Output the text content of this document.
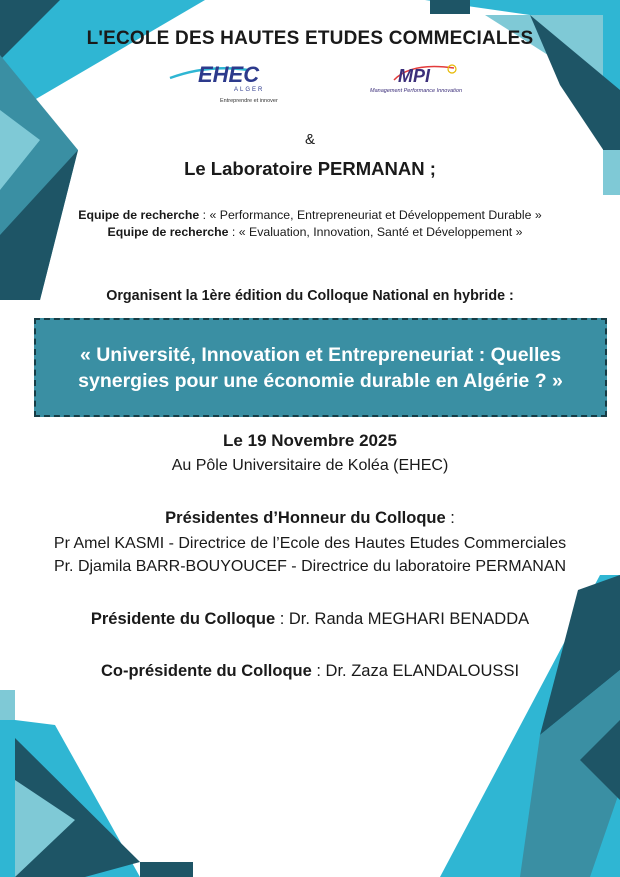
L'ECOLE DES HAUTES ETUDES COMMECIALES
EHEC
ALGER
Entreprendre et innover
MPI
Management Performance Innovation
&
Le Laboratoire PERMANAN ;
Equipe de recherche : « Performance, Entrepreneuriat et Développement Durable »
Equipe de recherche : « Evaluation, Innovation, Santé et Développement »
Organisent la 1ère édition du Colloque National en hybride :
« Université, Innovation et Entrepreneuriat : Quelles
synergies pour une économie durable en Algérie ? »
Le 19 Novembre 2025
Au Pôle Universitaire de Koléa (EHEC)
Présidentes d’Honneur du Colloque :
Pr Amel KASMI - Directrice de l’Ecole des Hautes Etudes Commerciales
Pr. Djamila BARR-BOUYOUCEF - Directrice du laboratoire PERMANAN
Présidente du Colloque : Dr. Randa MEGHARI BENADDA
Co-présidente du Colloque : Dr. Zaza ELANDALOUSSI
